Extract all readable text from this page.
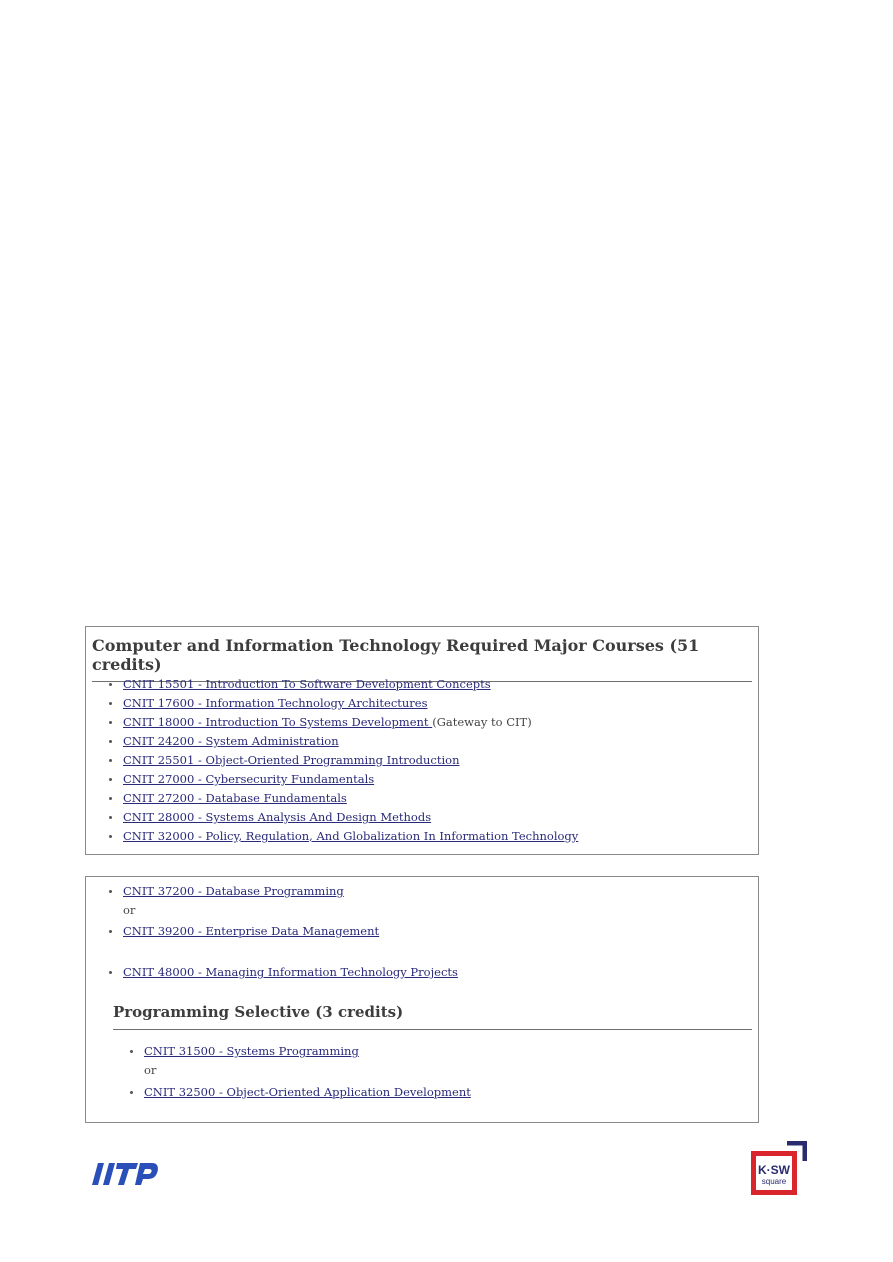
Computer and Information Technology Required Major Courses (51 credits)
CNIT 15501 - Introduction To Software Development Concepts
CNIT 17600 - Information Technology Architectures
CNIT 18000 - Introduction To Systems Development (Gateway to CIT)
CNIT 24200 - System Administration
CNIT 25501 - Object-Oriented Programming Introduction
CNIT 27000 - Cybersecurity Fundamentals
CNIT 27200 - Database Fundamentals
CNIT 28000 - Systems Analysis And Design Methods
CNIT 32000 - Policy, Regulation, And Globalization In Information Technology
CNIT 37200 - Database Programming
CNIT 39200 - Enterprise Data Management
CNIT 48000 - Managing Information Technology Projects
or
Programming Selective (3 credits)
CNIT 31500 - Systems Programming
CNIT 32500 - Object-Oriented Application Development
or
K·SW
square
